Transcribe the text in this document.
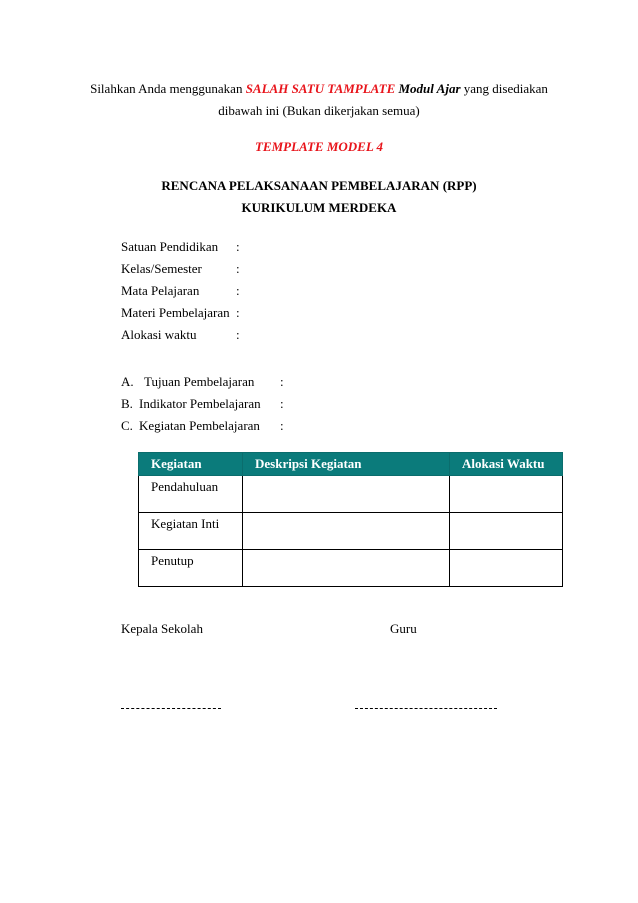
Silahkan Anda menggunakan SALAH SATU TAMPLATE Modul Ajar yang disediakan
dibawah ini (Bukan dikerjakan semua)
TEMPLATE MODEL 4
RENCANA PELAKSANAAN PEMBELAJARAN (RPP)
KURIKULUM MERDEKA
Satuan Pendidikan	:
Kelas/Semester	:
Mata Pelajaran	:
Materi Pembelajaran :
Alokasi waktu	:
A. Tujuan Pembelajaran	:
B. Indikator Pembelajaran	:
C. Kegiatan Pembelajaran	:
Kegiatan	Deskripsi Kegiatan	Alokasi Waktu
Pendahuluan		
Kegiatan Inti		
Penutup		
Kepala Sekolah	Guru
